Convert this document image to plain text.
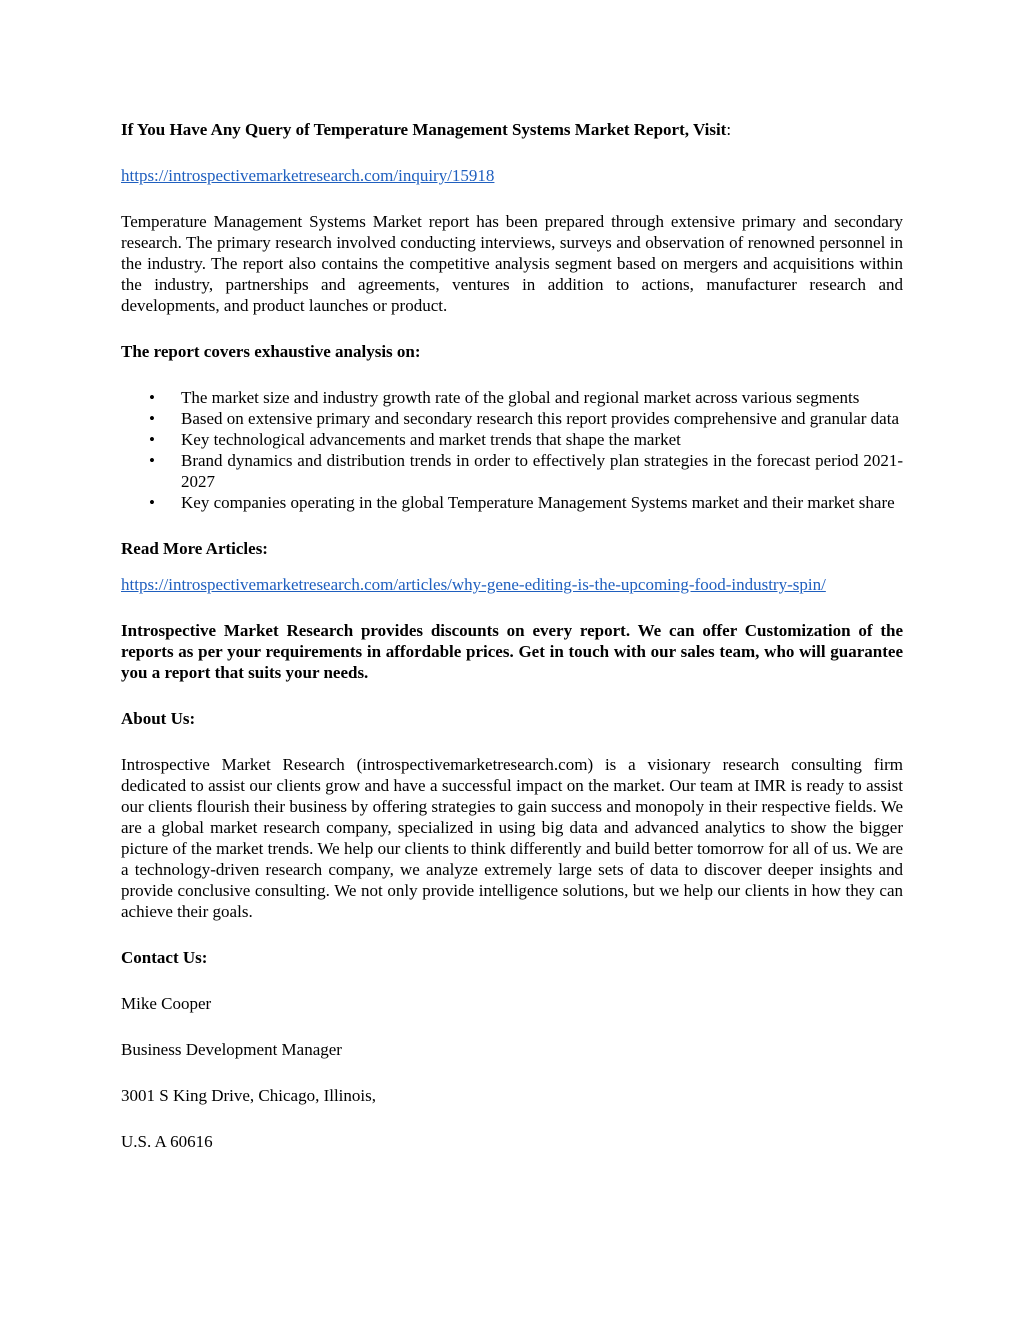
If You Have Any Query of Temperature Management Systems Market Report, Visit:

https://introspectivemarketresearch.com/inquiry/15918

Temperature Management Systems Market report has been prepared through extensive primary and secondary research. The primary research involved conducting interviews, surveys and observation of renowned personnel in the industry. The report also contains the competitive analysis segment based on mergers and acquisitions within the industry, partnerships and agreements, ventures in addition to actions, manufacturer research and developments, and product launches or product.

The report covers exhaustive analysis on:

• The market size and industry growth rate of the global and regional market across various segments
• Based on extensive primary and secondary research this report provides comprehensive and granular data
• Key technological advancements and market trends that shape the market
• Brand dynamics and distribution trends in order to effectively plan strategies in the forecast period 2021-2027
• Key companies operating in the global Temperature Management Systems market and their market share

Read More Articles:

https://introspectivemarketresearch.com/articles/why-gene-editing-is-the-upcoming-food-industry-spin/

Introspective Market Research provides discounts on every report. We can offer Customization of the reports as per your requirements in affordable prices. Get in touch with our sales team, who will guarantee you a report that suits your needs.

About Us:

Introspective Market Research (introspectivemarketresearch.com) is a visionary research consulting firm dedicated to assist our clients grow and have a successful impact on the market. Our team at IMR is ready to assist our clients flourish their business by offering strategies to gain success and monopoly in their respective fields. We are a global market research company, specialized in using big data and advanced analytics to show the bigger picture of the market trends. We help our clients to think differently and build better tomorrow for all of us. We are a technology-driven research company, we analyze extremely large sets of data to discover deeper insights and provide conclusive consulting. We not only provide intelligence solutions, but we help our clients in how they can achieve their goals.

Contact Us:

Mike Cooper

Business Development Manager

3001 S King Drive, Chicago, Illinois,

U.S. A 60616
